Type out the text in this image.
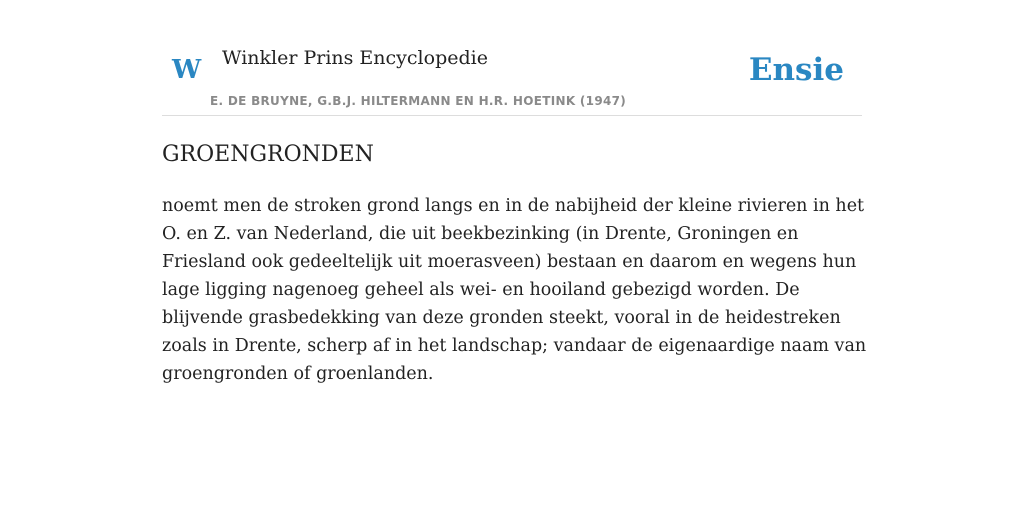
W Winkler Prins Encyclopedie
E. DE BRUYNE, G.B.J. HILTERMANN EN H.R. HOETINK (1947)
Ensie
GROENGRONDEN

noemt men de stroken grond langs en in de nabijheid der kleine rivieren in het O. en Z. van Nederland, die uit beekbezinking (in Drente, Groningen en Friesland ook gedeeltelijk uit moerasveen) bestaan en daarom en wegens hun lage ligging nagenoeg geheel als wei- en hooiland gebezigd worden. De blijvende grasbedekking van deze gronden steekt, vooral in de heidestreken zoals in Drente, scherp af in het landschap; vandaar de eigenaardige naam van groengronden of groenlanden.
